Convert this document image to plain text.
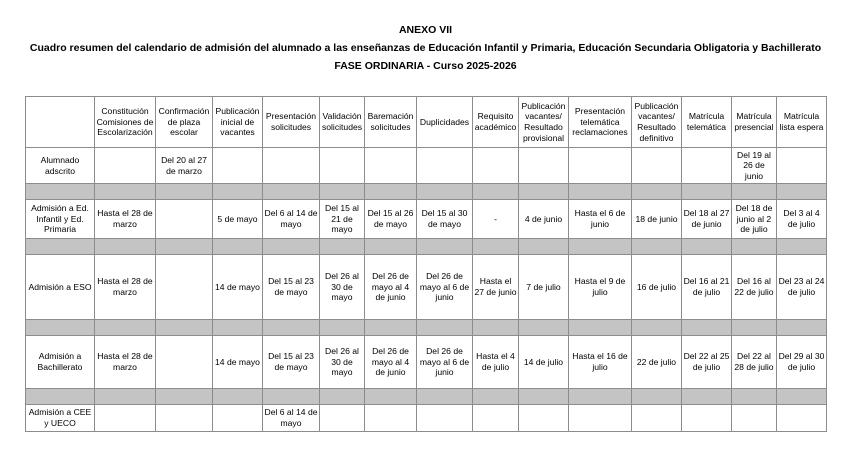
ANEXO VII
Cuadro resumen del calendario de admisión del alumnado a las enseñanzas de Educación Infantil y Primaria, Educación Secundaria Obligatoria y Bachillerato
FASE ORDINARIA - Curso 2025-2026
	Constitución Comisiones de Escolarización	Confirmación de plaza escolar	Publicación inicial de vacantes	Presentación solicitudes	Validación solicitudes	Baremación solicitudes	Duplicidades	Requisito académico	Publicación vacantes/ Resultado provisional	Presentación telemática reclamaciones	Publicación vacantes/ Resultado definitivo	Matrícula telemática	Matrícula presencial	Matrícula lista espera
Alumnado adscrito		Del 20 al 27 de marzo											Del 19 al 26 de junio	

Admisión a Ed. Infantil y Ed. Primaria	Hasta el 28 de marzo		5 de mayo	Del 6 al 14 de mayo	Del 15 al 21 de mayo	Del 15 al 26 de mayo	Del 15 al 30 de mayo	-	4 de junio	Hasta el 6 de junio	18 de junio	Del 18 al 27 de junio	Del 18 de junio al 2 de julio	Del 3 al 4 de julio

Admisión a ESO	Hasta el 28 de marzo		14 de mayo	Del 15 al 23 de mayo	Del 26 al 30 de mayo	Del 26 de mayo al 4 de junio	Del 26 de mayo al 6 de junio	Hasta el 27 de junio	7 de julio	Hasta el 9 de julio	16 de julio	Del 16 al 21 de julio	Del 16 al 22 de julio	Del 23 al 24 de julio

Admisión a Bachillerato	Hasta el 28 de marzo		14 de mayo	Del 15 al 23 de mayo	Del 26 al 30 de mayo	Del 26 de mayo al 4 de junio	Del 26 de mayo al 6 de junio	Hasta el 4 de julio	14 de julio	Hasta el 16 de julio	22 de julio	Del 22 al 25 de julio	Del 22 al 28 de julio	Del 29 al 30 de julio

Admisión a CEE y UECO				Del 6 al 14 de mayo										
